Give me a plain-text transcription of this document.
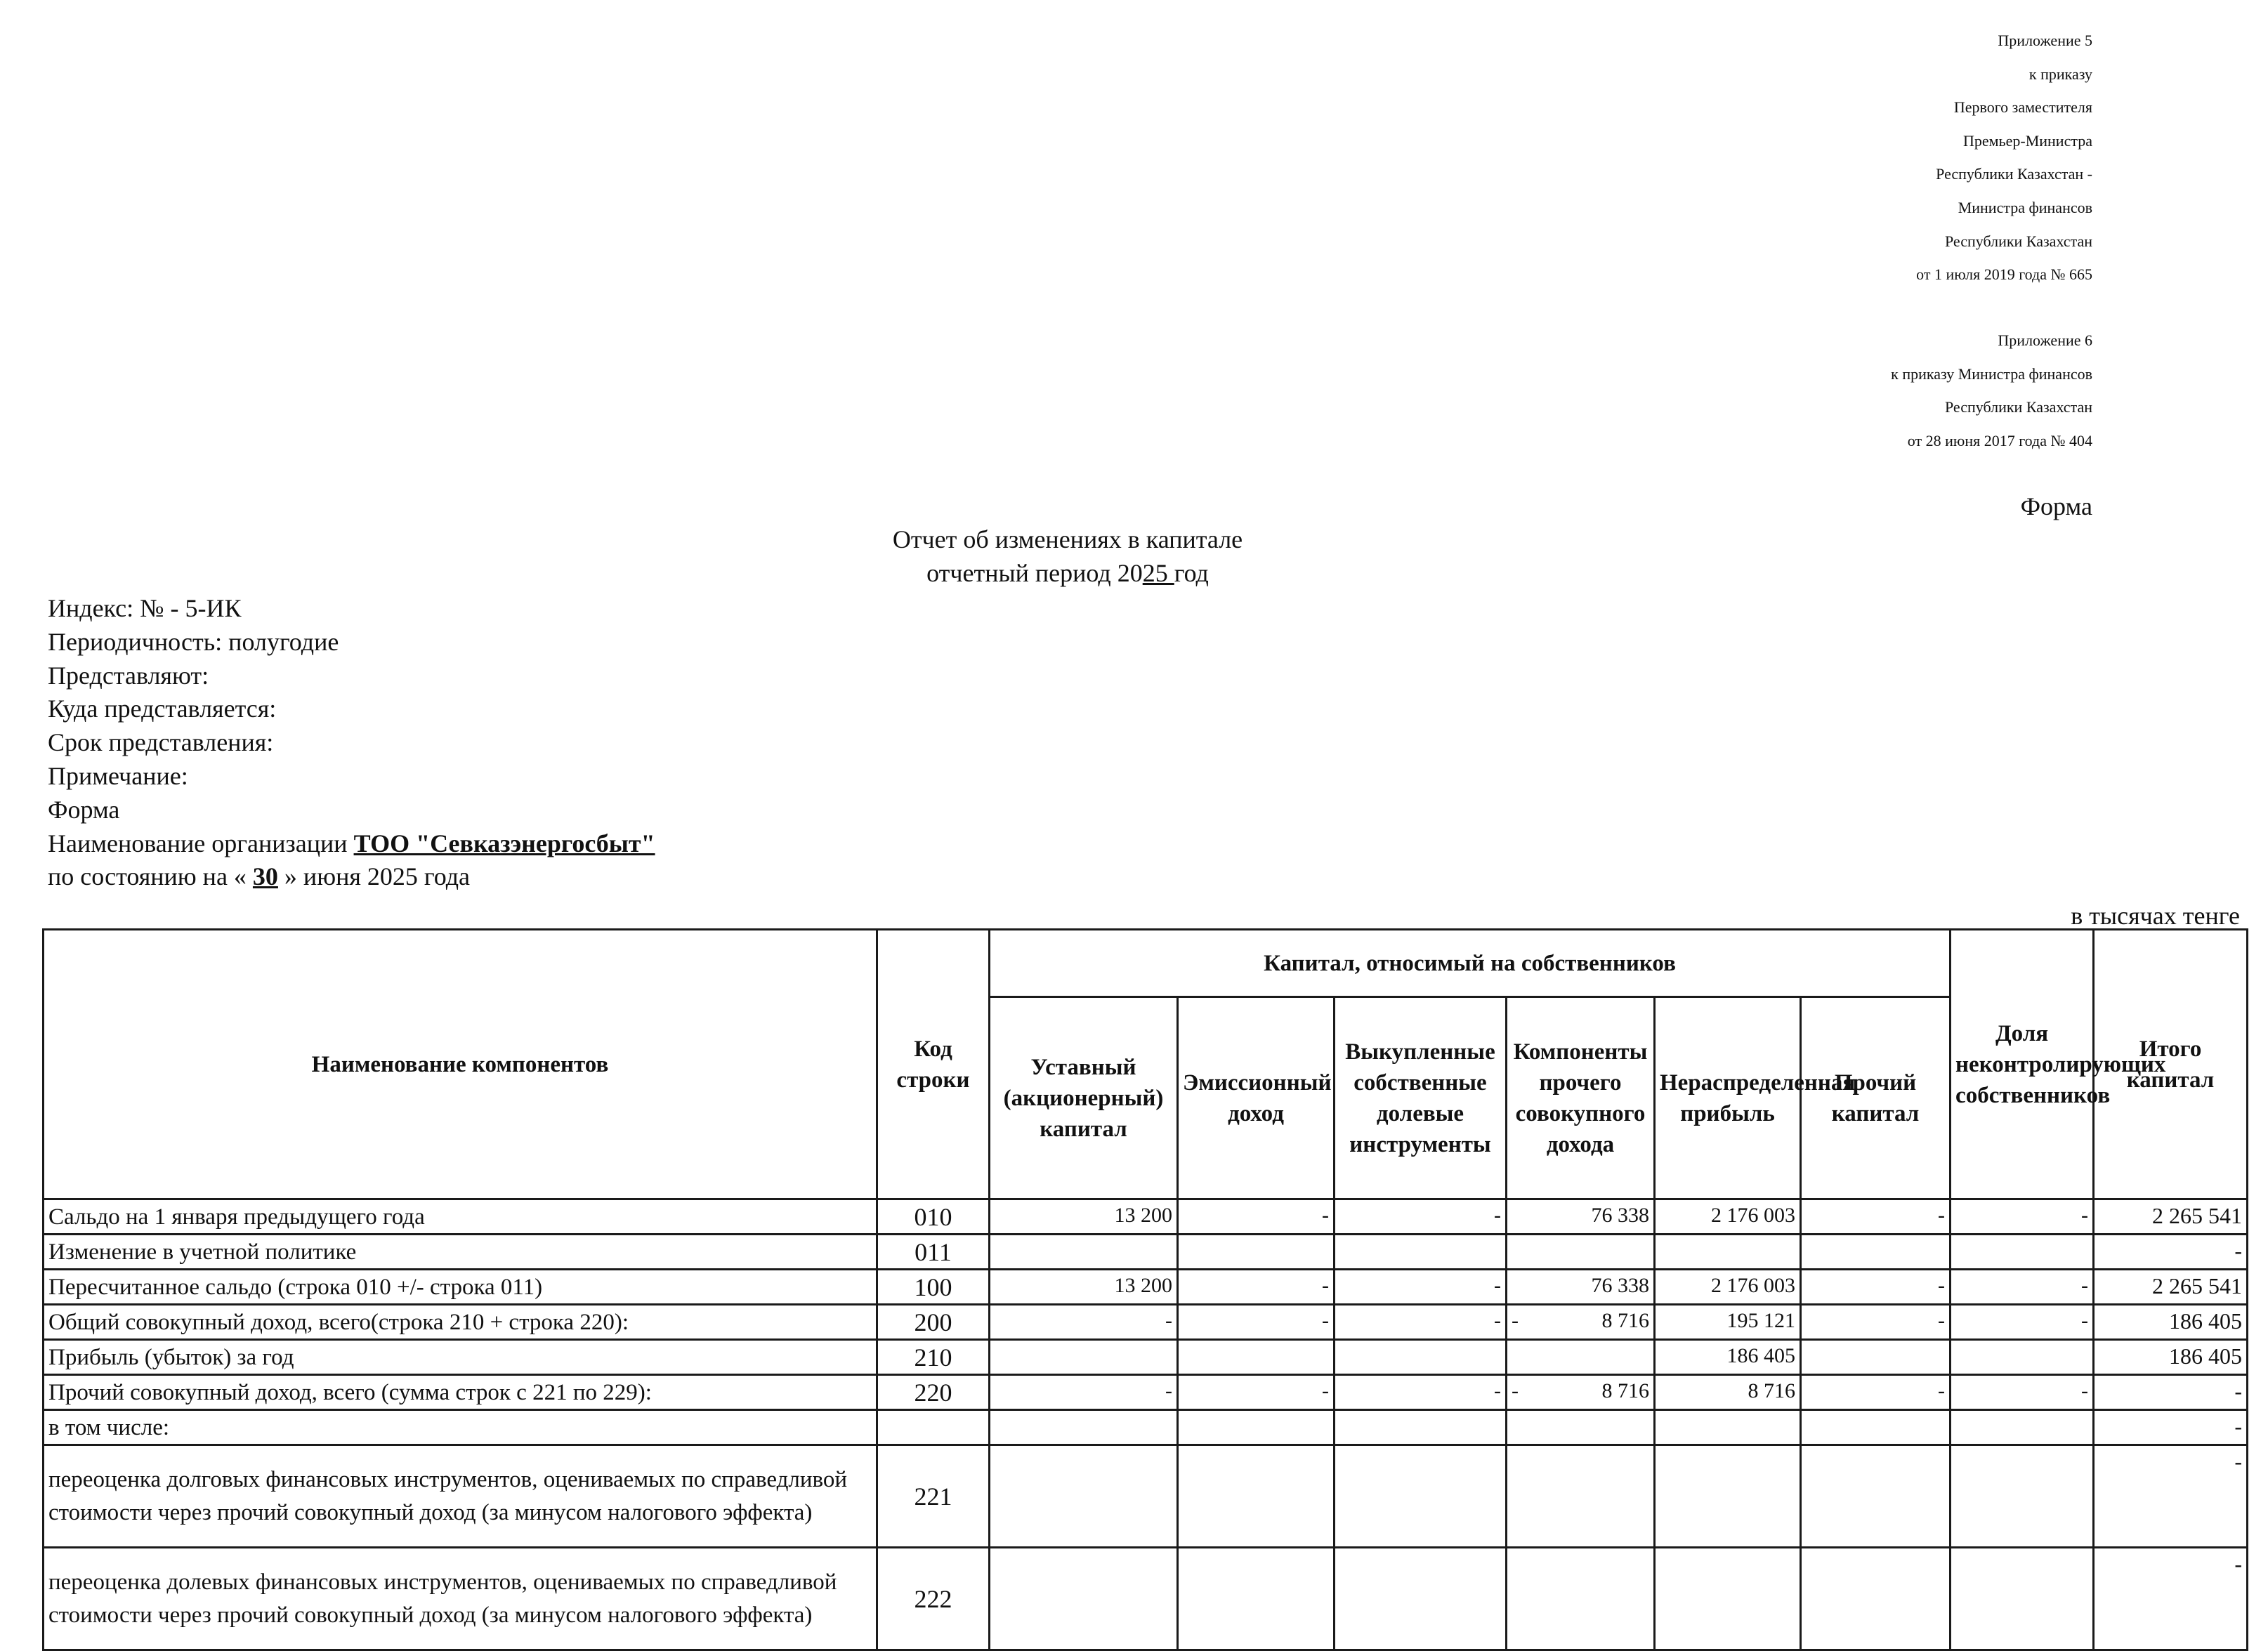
Приложение 5
к приказу
Первого заместителя
Премьер-Министра
Республики Казахстан -
Министра финансов
Республики Казахстан
от 1 июля 2019 года № 665
Приложение 6
к приказу Министра финансов
Республики Казахстан
от 28 июня 2017 года № 404
Форма
Отчет об изменениях в капитале
отчетный период 2025 год
Индекс: № - 5-ИК
Периодичность: полугодие
Представляют:
Куда представляется:
Срок представления:
Примечание:
Форма
Наименование организации ТОО "Севказэнергосбыт"
по состоянию на « 30 » июня 2025 года
в тысячах тенге
Наименование компонентов	Код строки	Капитал, относимый на собственников						Доля неконтролирующих собственников	Итого капитал
		Уставный (акционерный) капитал	Эмиссионный доход	Выкупленные собственные долевые инструменты	Компоненты прочего совокупного дохода	Нераспределенная прибыль	Прочий капитал		
Сальдо на 1 января предыдущего года	010	13 200	-	-	76 338	2 176 003	-	-	2 265 541
Изменение в учетной политике	011								-
Пересчитанное сальдо (строка 010 +/- строка 011)	100	13 200	-	-	76 338	2 176 003	-	-	2 265 541
Общий совокупный доход, всего(строка 210 + строка 220):	200	-	-	-	- 8 716	195 121	-	-	186 405
Прибыль (убыток) за год	210					186 405			186 405
Прочий совокупный доход, всего (сумма строк с 221 по 229):	220	-	-	-	- 8 716	8 716	-	-	-
в том числе:									-
переоценка долговых финансовых инструментов, оцениваемых по справедливой стоимости через прочий совокупный доход (за минусом налогового эффекта)	221								-
переоценка долевых финансовых инструментов, оцениваемых по справедливой стоимости через прочий совокупный доход (за минусом налогового эффекта)	222								-
